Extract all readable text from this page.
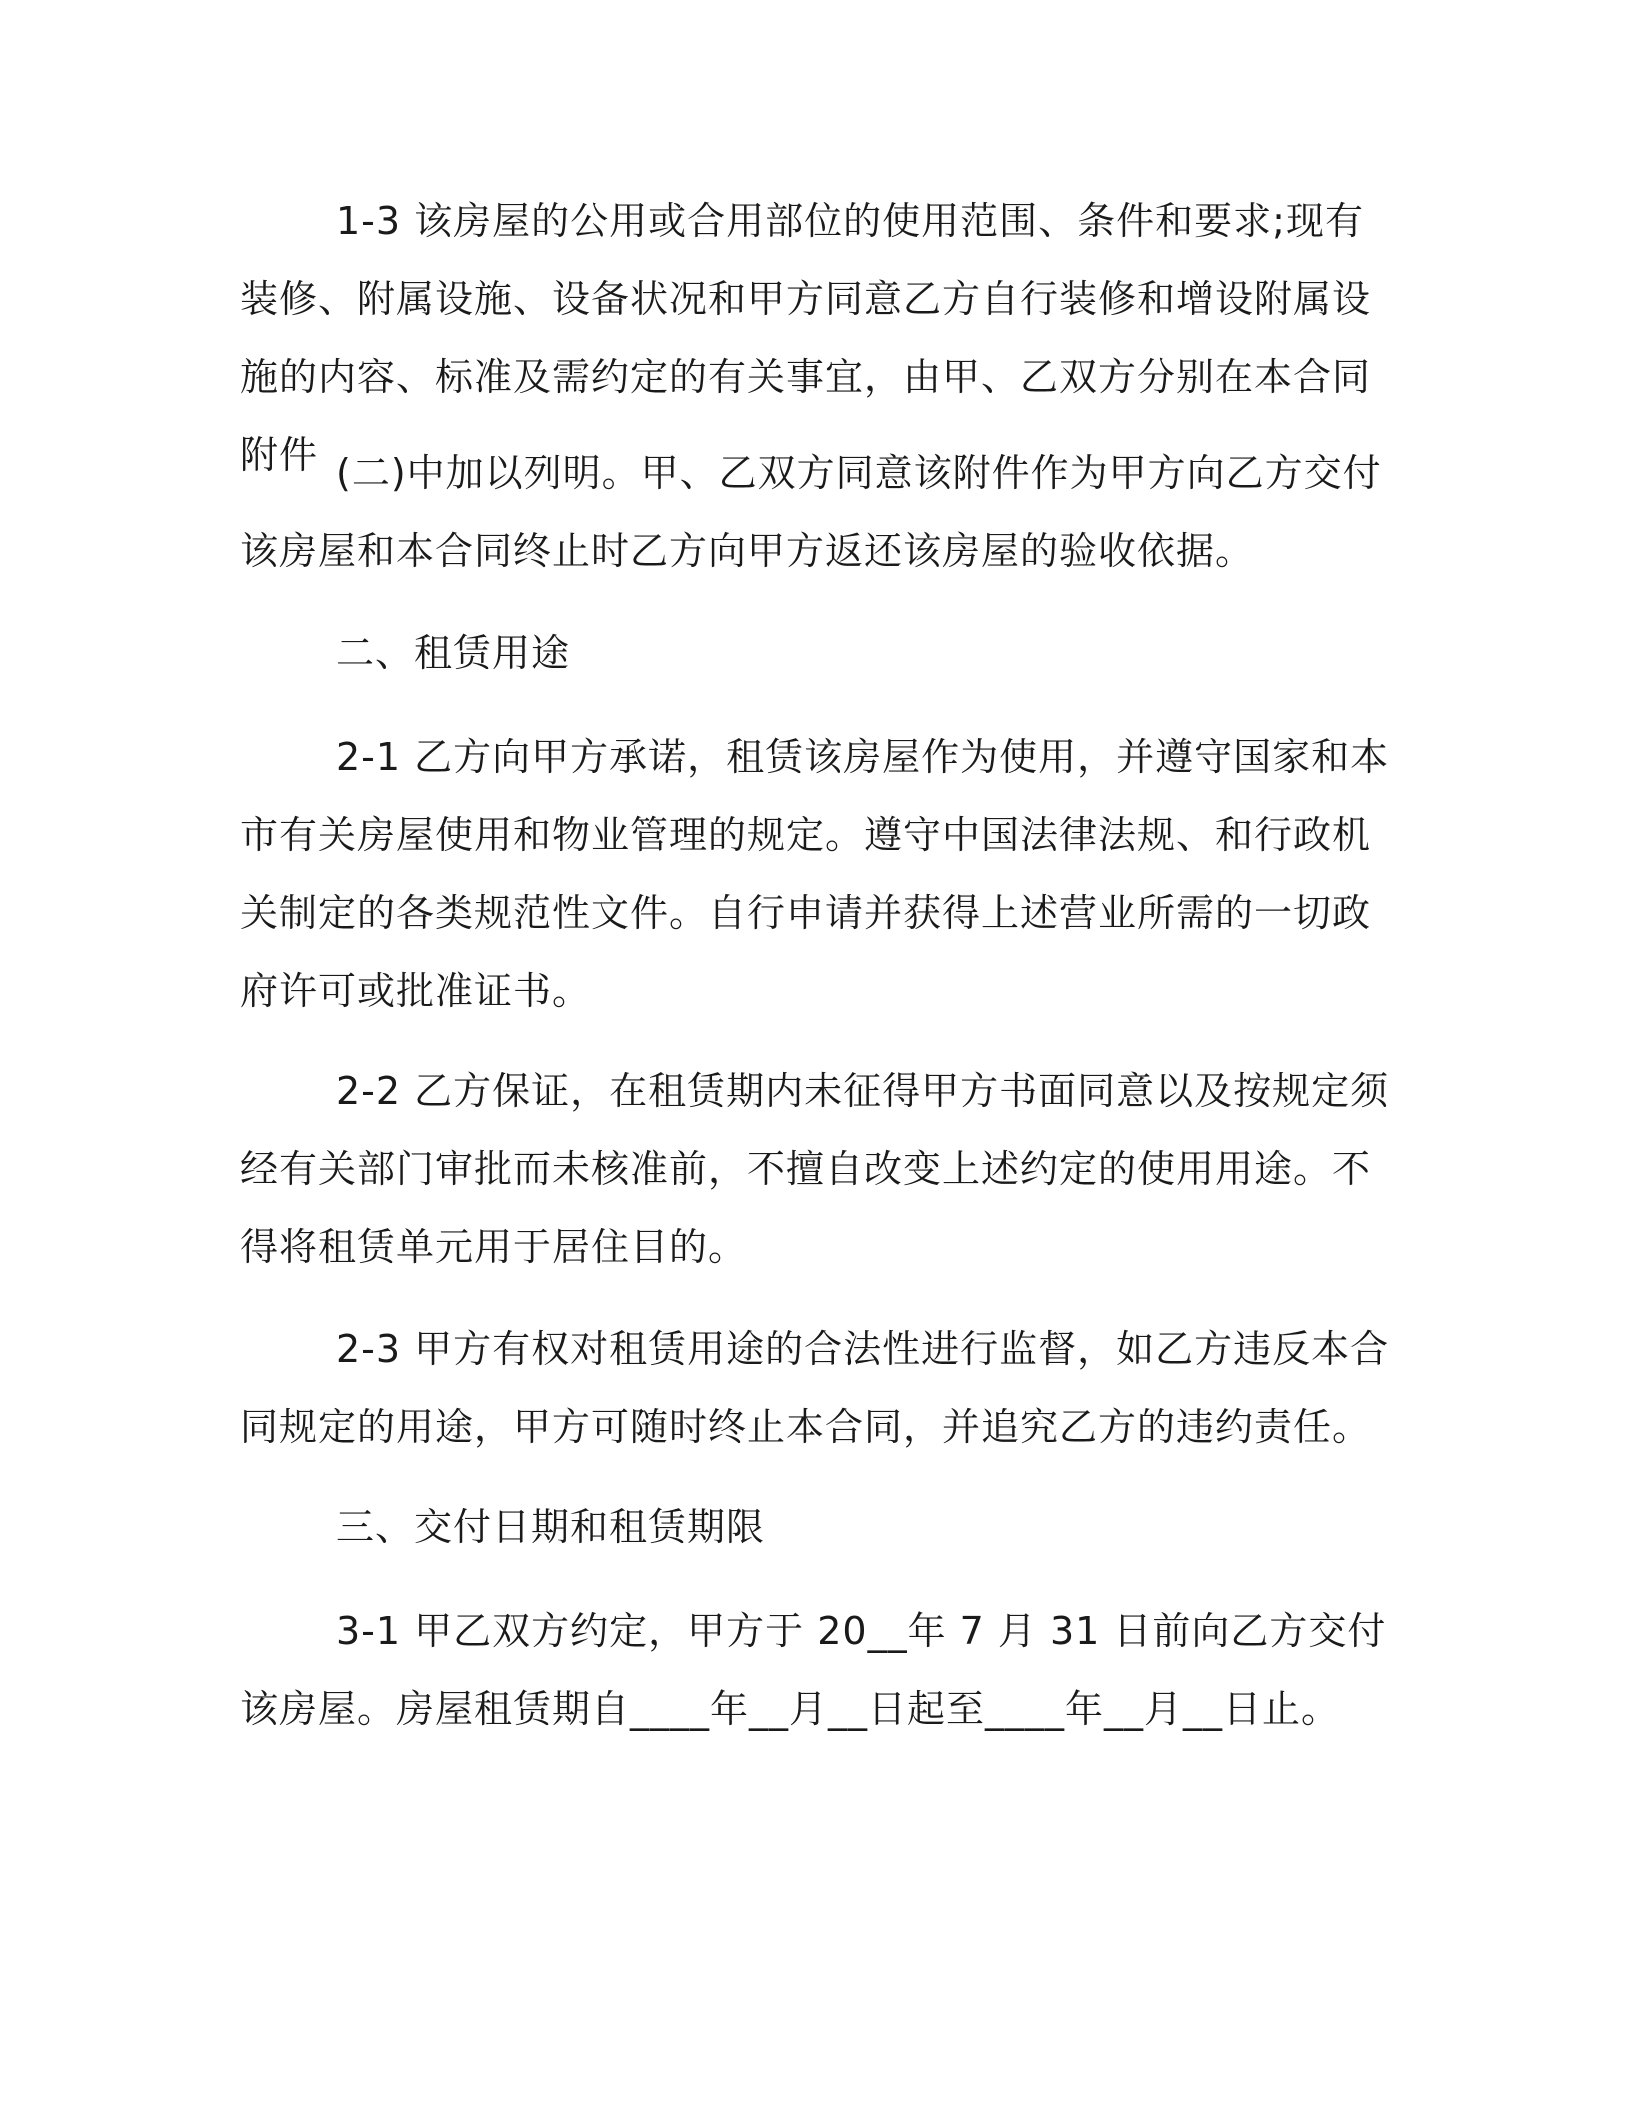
1-3 该房屋的公用或合用部位的使用范围、条件和要求;现有装修、附属设施、设备状况和甲方同意乙方自行装修和增设附属设施的内容、标准及需约定的有关事宜，由甲、乙双方分别在本合同附件 (二)中加以列明。甲、乙双方同意该附件作为甲方向乙方交付该房屋和本合同终止时乙方向甲方返还该房屋的验收依据。

二、租赁用途

2-1 乙方向甲方承诺，租赁该房屋作为使用，并遵守国家和本市有关房屋使用和物业管理的规定。遵守中国法律法规、和行政机关制定的各类规范性文件。自行申请并获得上述营业所需的一切政府许可或批准证书。

2-2 乙方保证，在租赁期内未征得甲方书面同意以及按规定须经有关部门审批而未核准前，不擅自改变上述约定的使用用途。不得将租赁单元用于居住目的。

2-3 甲方有权对租赁用途的合法性进行监督，如乙方违反本合同规定的用途，甲方可随时终止本合同，并追究乙方的违约责任。

三、交付日期和租赁期限

3-1 甲乙双方约定，甲方于 20__年 7 月 31 日前向乙方交付该房屋。房屋租赁期自____年__月__日起至____年__月__日止。
